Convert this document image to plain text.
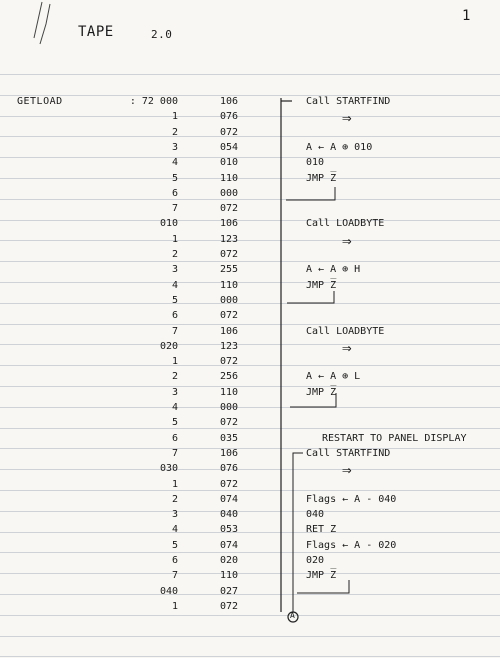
1
TAPE	2.0
GETLOAD	: 72 000	106	Call STARTFIND
1	076	⇒
2	072
3	054	A ← A ⊕ 010
4	010	010
5	110	JMP Z̅
6	000
7	072
010	106	Call LOADBYTE
1	123	⇒
2	072
3	255	A ← A ⊕ H
4	110	JMP Z̅
5	000
6	072
7	106	Call LOADBYTE
020	123	⇒
1	072
2	256	A ← A ⊕ L
3	110	JMP Z̅
4	000
5	072
6	035	RESTART TO PANEL DISPLAY
7	106	Call STARTFIND
030	076	⇒
1	072
2	074	Flags ← A - 040
3	040	040
4	053	RET Z
5	074	Flags ← A - 020
6	020	020
7	110	JMP Z̅
040	027
1	072
A
